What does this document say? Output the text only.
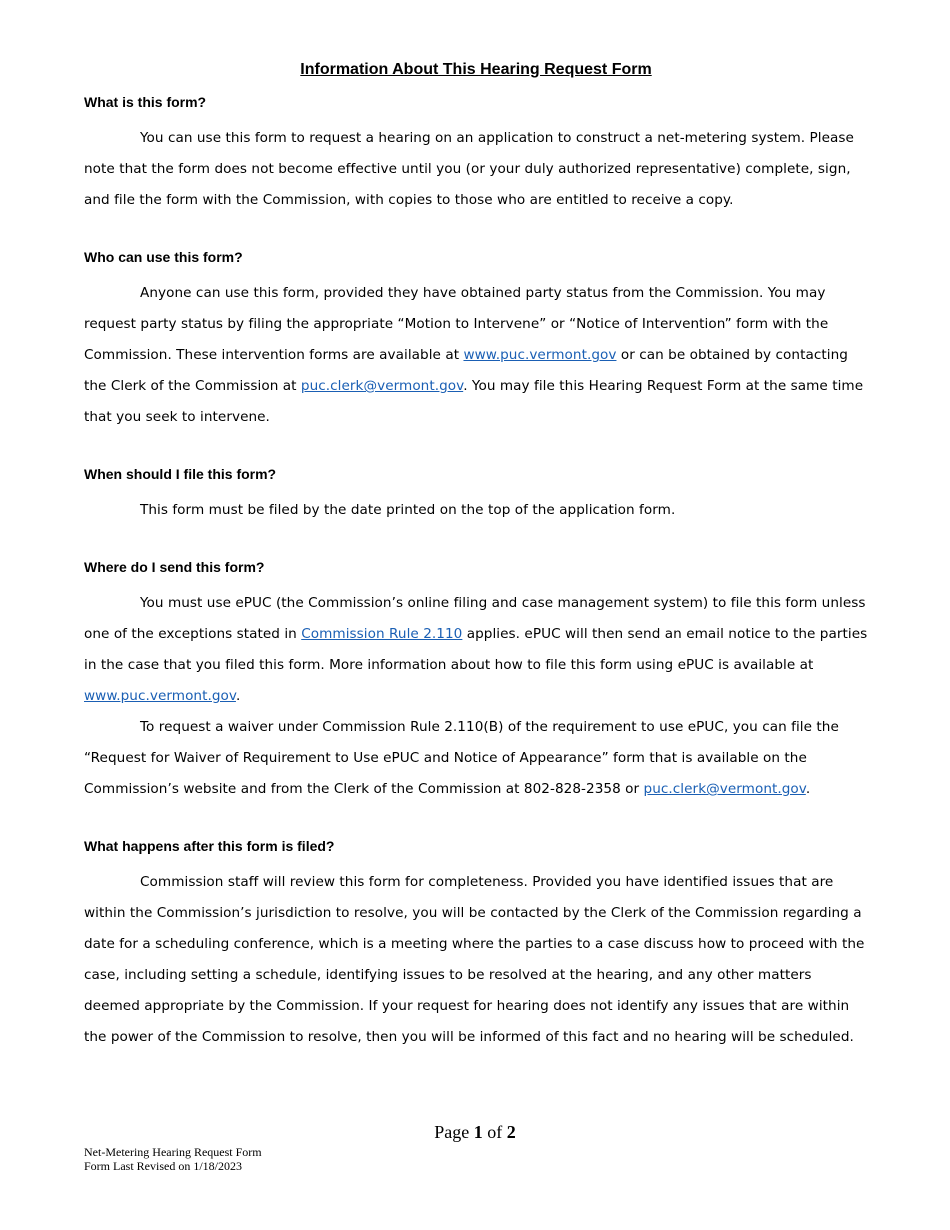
Information About This Hearing Request Form
What is this form?

You can use this form to request a hearing on an application to construct a net-metering system. Please note that the form does not become effective until you (or your duly authorized representative) complete, sign, and file the form with the Commission, with copies to those who are entitled to receive a copy.

Who can use this form?

Anyone can use this form, provided they have obtained party status from the Commission. You may request party status by filing the appropriate “Motion to Intervene” or “Notice of Intervention” form with the Commission. These intervention forms are available at www.puc.vermont.gov or can be obtained by contacting the Clerk of the Commission at puc.clerk@vermont.gov. You may file this Hearing Request Form at the same time that you seek to intervene.

When should I file this form?

This form must be filed by the date printed on the top of the application form.

Where do I send this form?

You must use ePUC (the Commission’s online filing and case management system) to file this form unless one of the exceptions stated in Commission Rule 2.110 applies. ePUC will then send an email notice to the parties in the case that you filed this form. More information about how to file this form using ePUC is available at www.puc.vermont.gov.

To request a waiver under Commission Rule 2.110(B) of the requirement to use ePUC, you can file the “Request for Waiver of Requirement to Use ePUC and Notice of Appearance” form that is available on the Commission’s website and from the Clerk of the Commission at 802-828-2358 or puc.clerk@vermont.gov.

What happens after this form is filed?

Commission staff will review this form for completeness. Provided you have identified issues that are within the Commission’s jurisdiction to resolve, you will be contacted by the Clerk of the Commission regarding a date for a scheduling conference, which is a meeting where the parties to a case discuss how to proceed with the case, including setting a schedule, identifying issues to be resolved at the hearing, and any other matters deemed appropriate by the Commission. If your request for hearing does not identify any issues that are within the power of the Commission to resolve, then you will be informed of this fact and no hearing will be scheduled.

Page 1 of 2
Net-Metering Hearing Request Form
Form Last Revised on 1/18/2023
